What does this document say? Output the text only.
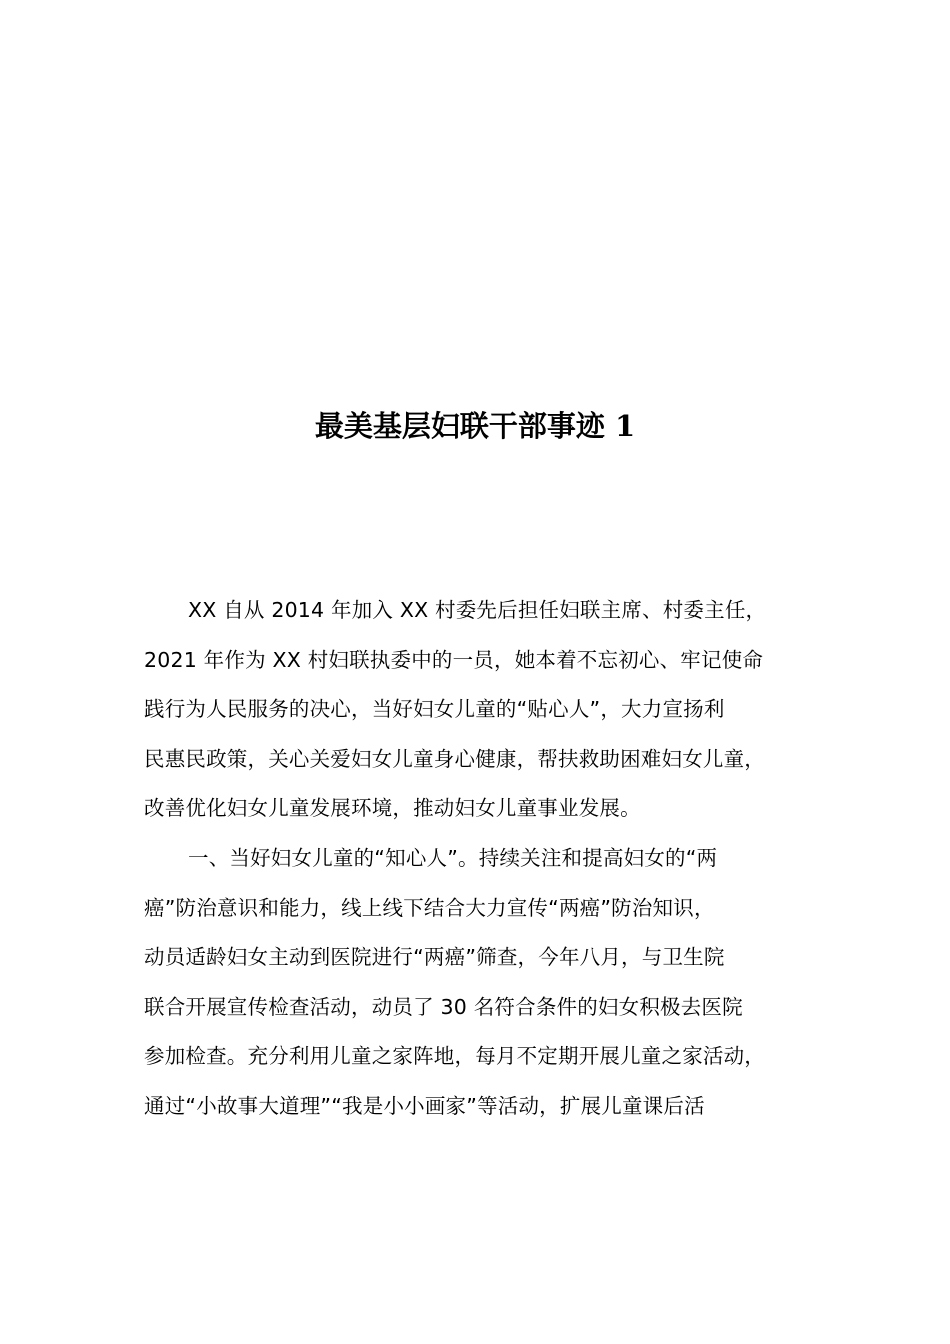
最美基层妇联干部事迹 1
XX 自从 2014 年加入 XX 村委先后担任妇联主席、村委主任，
2021 年作为 XX 村妇联执委中的一员，她本着不忘初心、牢记使命
践行为人民服务的决心，当好妇女儿童的“贴心人”，大力宣扬利
民惠民政策，关心关爱妇女儿童身心健康，帮扶救助困难妇女儿童，
改善优化妇女儿童发展环境，推动妇女儿童事业发展。
一、当好妇女儿童的“知心人”。持续关注和提高妇女的“两
癌”防治意识和能力，线上线下结合大力宣传“两癌”防治知识，
动员适龄妇女主动到医院进行“两癌”筛查，今年八月，与卫生院
联合开展宣传检查活动，动员了 30 名符合条件的妇女积极去医院
参加检查。充分利用儿童之家阵地，每月不定期开展儿童之家活动，
通过“小故事大道理”“我是小小画家”等活动，扩展儿童课后活
